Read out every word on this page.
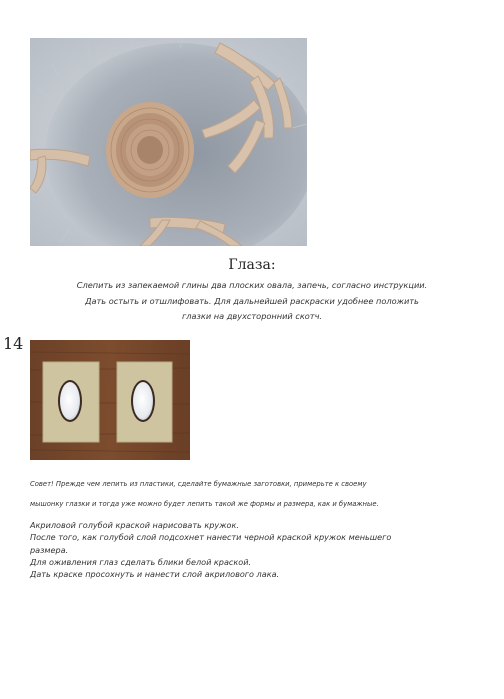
Глаза:
Слепить из запекаемой глины два плоских овала, запечь, согласно инструкции.
Дать остыть и отшлифовать. Для дальнейшей раскраски удобнее положить
глазки на двухсторонний скотч.
14
Совет! Прежде чем лепить из пластики, сделайте бумажные заготовки, примерьте к своему
мышонку глазки и тогда уже можно будет лепить такой же формы и размера, как и бумажные.
Акриловой голубой краской нарисовать кружок.
После того, как голубой слой подсохнет нанести черной краской кружок меньшего
размера.
Для оживления глаз сделать блики белой краской.
Дать краске просохнуть и нанести слой акрилового лака.
